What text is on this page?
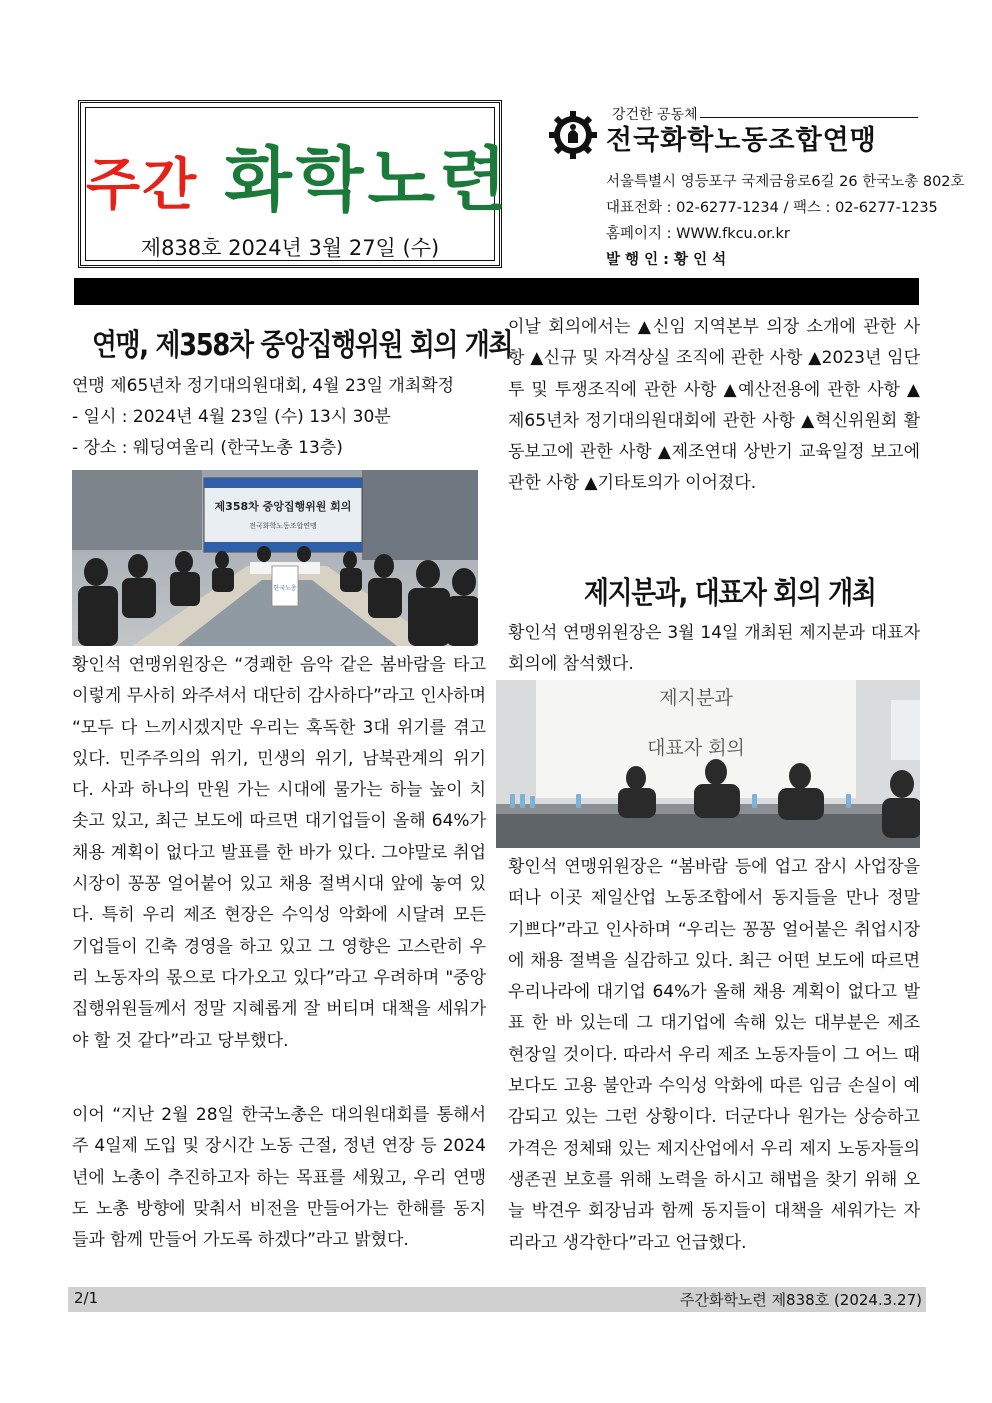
주간 화학노련
제838호 2024년 3월 27일 (수)
강건한 공동체
전국화학노동조합연맹
서울특별시 영등포구 국제금융로6길 26 한국노총 802호
대표전화 : 02-6277-1234 / 팩스 : 02-6277-1235
홈페이지 : WWW.fkcu.or.kr
발 행 인 : 황 인 석
연맹, 제358차 중앙집행위원 회의 개최
연맹 제65년차 정기대의원대회, 4월 23일 개최확정
- 일시 : 2024년 4월 23일 (수) 13시 30분
- 장소 : 웨딩여울리 (한국노총 13층)
제358차 중앙집행위원 회의
전국화학노동조합연맹
한국노총
황인석 연맹위원장은 “경쾌한 음악 같은 봄바람을 타고 이렇게 무사히 와주셔서 대단히 감사하다”라고 인사하며 “모두 다 느끼시겠지만 우리는 혹독한 3대 위기를 겪고 있다. 민주주의의 위기, 민생의 위기, 남북관계의 위기다. 사과 하나의 만원 가는 시대에 물가는 하늘 높이 치솟고 있고, 최근 보도에 따르면 대기업들이 올해 64%가 채용 계획이 없다고 발표를 한 바가 있다. 그야말로 취업시장이 꽁꽁 얼어붙어 있고 채용 절벽시대 앞에 놓여 있다. 특히 우리 제조 현장은 수익성 악화에 시달려 모든 기업들이 긴축 경영을 하고 있고 그 영향은 고스란히 우리 노동자의 몫으로 다가오고 있다”라고 우려하며 "중앙집행위원들께서 정말 지혜롭게 잘 버티며 대책을 세워가야 할 것 같다”라고 당부했다.
이어 “지난 2월 28일 한국노총은 대의원대회를 통해서 주 4일제 도입 및 장시간 노동 근절, 정년 연장 등 2024년에 노총이 추진하고자 하는 목표를 세웠고, 우리 연맹도 노총 방향에 맞춰서 비전을 만들어가는 한해를 동지들과 함께 만들어 가도록 하겠다”라고 밝혔다.
이날 회의에서는 ▲신임 지역본부 의장 소개에 관한 사항 ▲신규 및 자격상실 조직에 관한 사항 ▲2023년 임단투 및 투쟁조직에 관한 사항 ▲예산전용에 관한 사항 ▲제65년차 정기대의원대회에 관한 사항 ▲혁신위원회 활동보고에 관한 사항 ▲제조연대 상반기 교육일정 보고에 관한 사항 ▲기타토의가 이어졌다.
제지분과, 대표자 회의 개최
황인석 연맹위원장은 3월 14일 개최된 제지분과 대표자 회의에 참석했다.
제지분과
대표자 회의
황인석 연맹위원장은 “봄바람 등에 업고 잠시 사업장을 떠나 이곳 제일산업 노동조합에서 동지들을 만나 정말 기쁘다”라고 인사하며 “우리는 꽁꽁 얼어붙은 취업시장에 채용 절벽을 실감하고 있다. 최근 어떤 보도에 따르면 우리나라에 대기업 64%가 올해 채용 계획이 없다고 발표 한 바 있는데 그 대기업에 속해 있는 대부분은 제조 현장일 것이다. 따라서 우리 제조 노동자들이 그 어느 때보다도 고용 불안과 수익성 악화에 따른 임금 손실이 예감되고 있는 그런 상황이다. 더군다나 원가는 상승하고 가격은 정체돼 있는 제지산업에서 우리 제지 노동자들의 생존권 보호를 위해 노력을 하시고 해법을 찾기 위해 오늘 박견우 회장님과 함께 동지들이 대책을 세워가는 자리라고 생각한다”라고 언급했다.
2/1	주간화학노련 제838호 (2024.3.27)
